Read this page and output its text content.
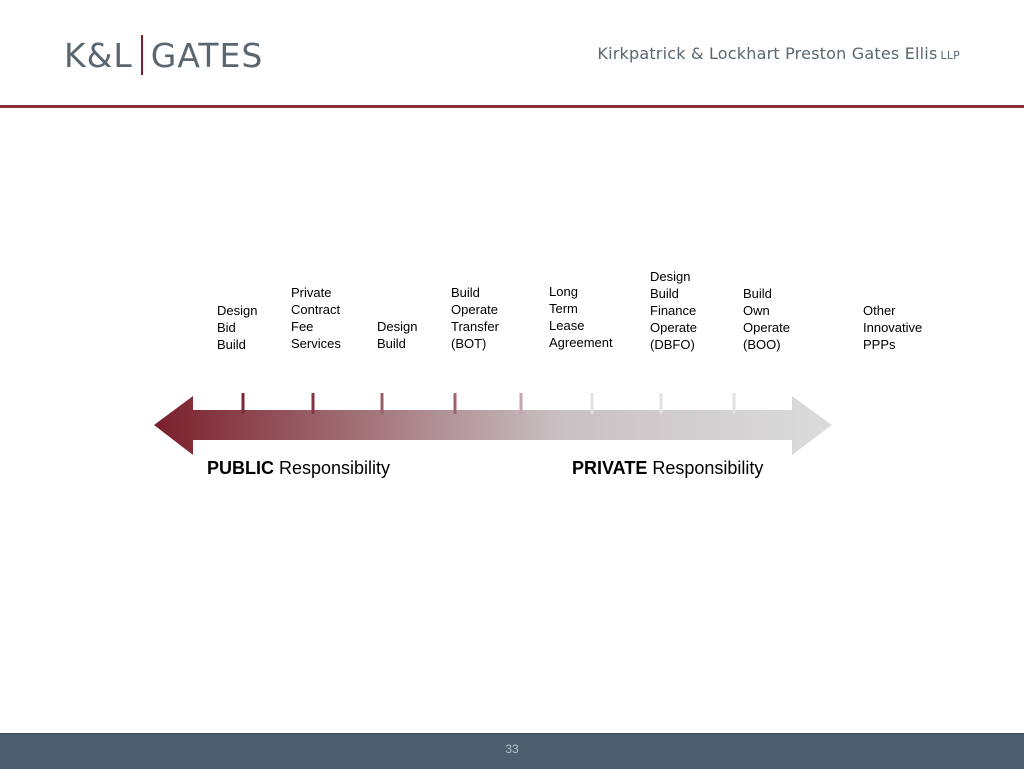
K&L GATES	Kirkpatrick & Lockhart Preston Gates Ellis LLP
Design
Bid
Build
Private
Contract
Fee
Services
Design
Build
Build
Operate
Transfer
(BOT)
Long
Term
Lease
Agreement
Design
Build
Finance
Operate
(DBFO)
Build
Own
Operate
(BOO)
Other
Innovative
PPPs
PUBLIC Responsibility	PRIVATE Responsibility
33
